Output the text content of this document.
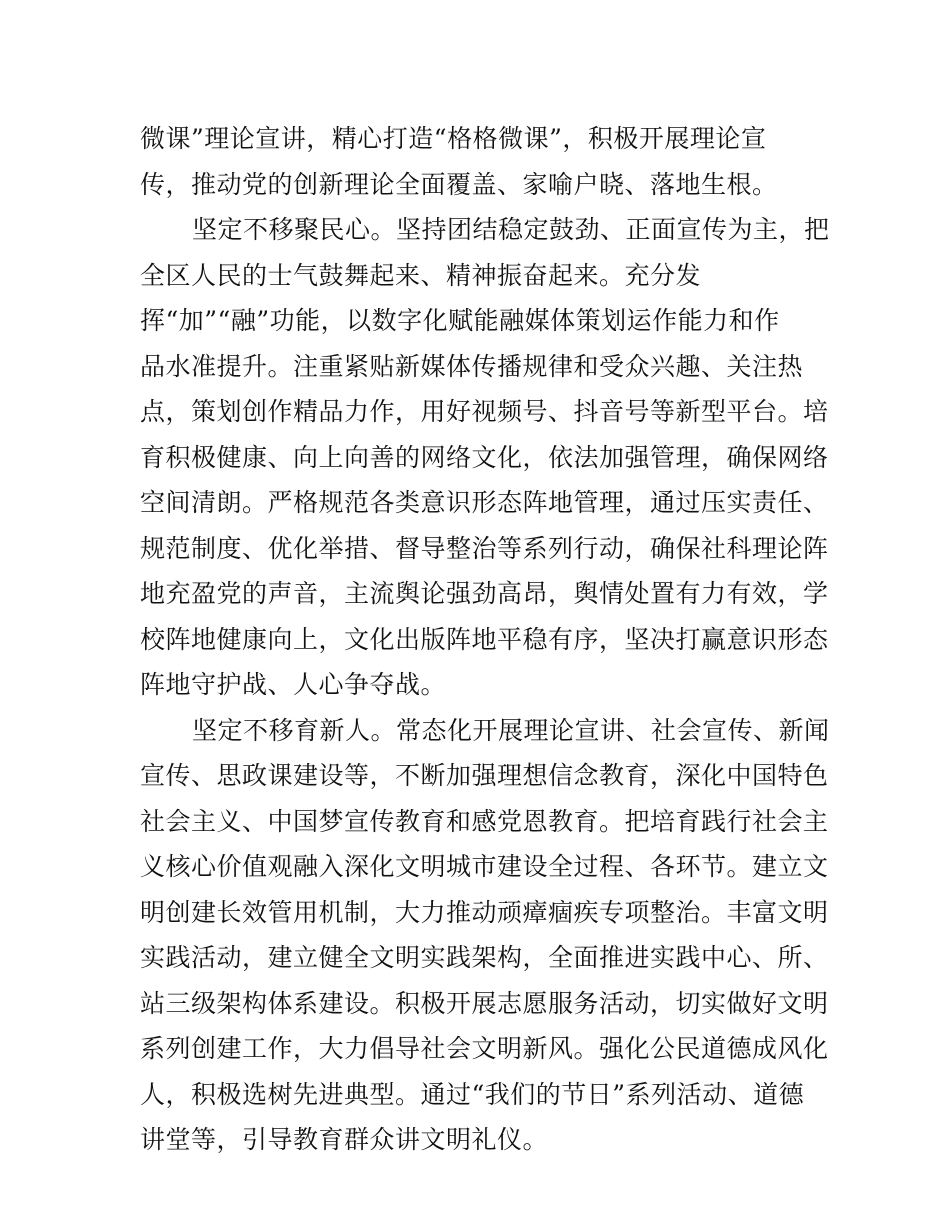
微课”理论宣讲，精心打造“格格微课”，积极开展理论宣
传，推动党的创新理论全面覆盖、家喻户晓、落地生根。
坚定不移聚民心。坚持团结稳定鼓劲、正面宣传为主，把
全区人民的士气鼓舞起来、精神振奋起来。充分发
挥“加”“融”功能，以数字化赋能融媒体策划运作能力和作
品水准提升。注重紧贴新媒体传播规律和受众兴趣、关注热
点，策划创作精品力作，用好视频号、抖音号等新型平台。培
育积极健康、向上向善的网络文化，依法加强管理，确保网络
空间清朗。严格规范各类意识形态阵地管理，通过压实责任、
规范制度、优化举措、督导整治等系列行动，确保社科理论阵
地充盈党的声音，主流舆论强劲高昂，舆情处置有力有效，学
校阵地健康向上，文化出版阵地平稳有序，坚决打赢意识形态
阵地守护战、人心争夺战。
坚定不移育新人。常态化开展理论宣讲、社会宣传、新闻
宣传、思政课建设等，不断加强理想信念教育，深化中国特色
社会主义、中国梦宣传教育和感党恩教育。把培育践行社会主
义核心价值观融入深化文明城市建设全过程、各环节。建立文
明创建长效管用机制，大力推动顽瘴痼疾专项整治。丰富文明
实践活动，建立健全文明实践架构，全面推进实践中心、所、
站三级架构体系建设。积极开展志愿服务活动，切实做好文明
系列创建工作，大力倡导社会文明新风。强化公民道德成风化
人，积极选树先进典型。通过“我们的节日”系列活动、道德
讲堂等，引导教育群众讲文明礼仪。
